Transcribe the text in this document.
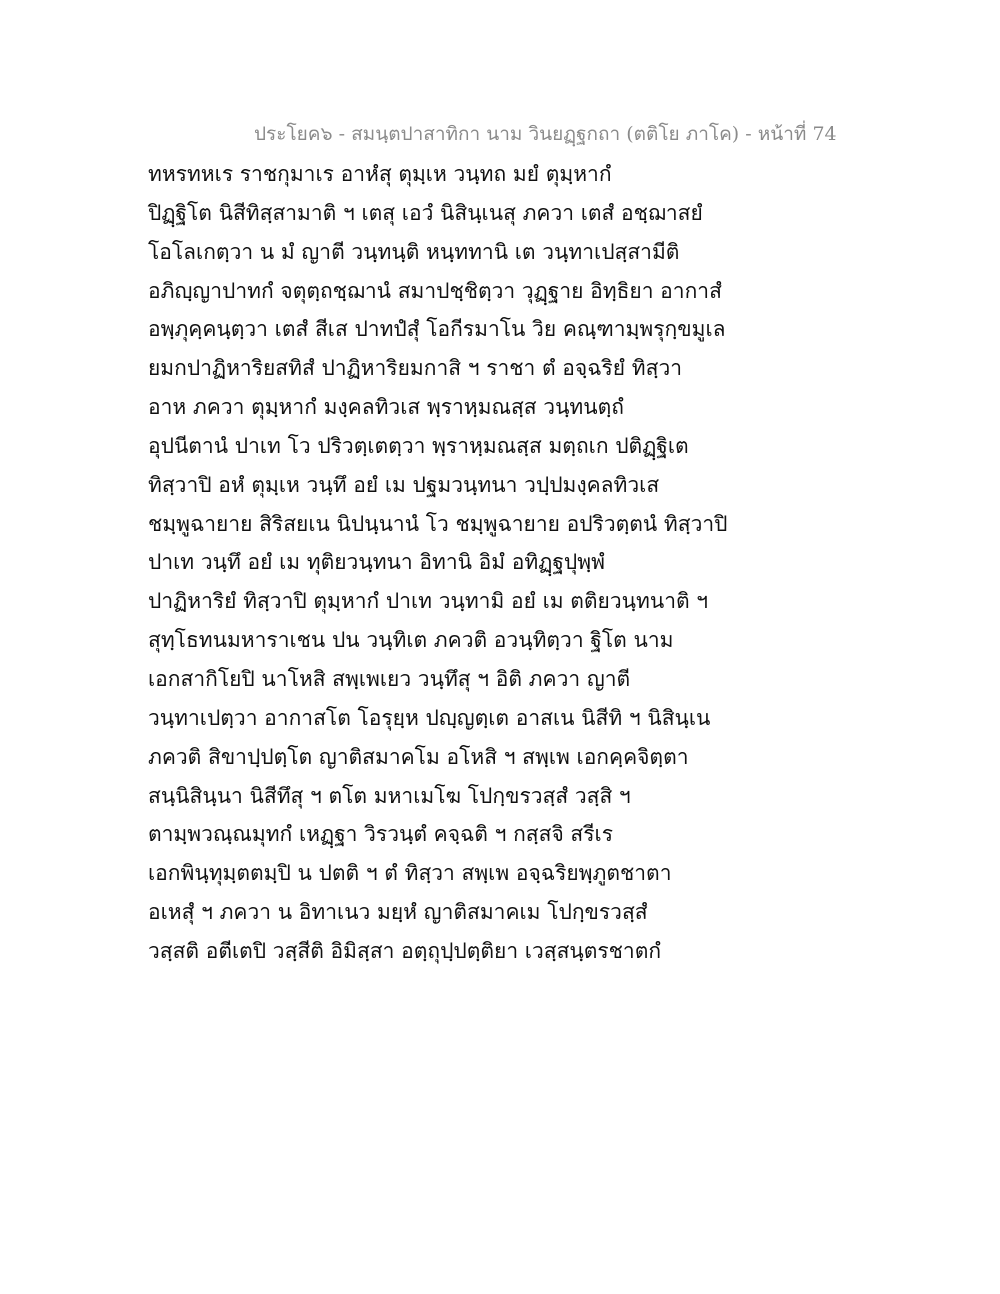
ประโยค๖ - สมนฺตปาสาทิกา นาม วินยฏฺฐกถา (ตติโย ภาโค) - หน้าที่ 74
ทหรทหเร ราชกุมาเร อาหํสุ ตุมฺเห วนฺทถ มยํ ตุมฺหากํ
ปิฏฺฐิโต นิสีทิสฺสามาติ ฯ เตสุ เอวํ นิสินฺเนสุ ภควา เตสํ อชฺฌาสยํ
โอโลเกตฺวา น มํ ญาตี วนฺทนฺติ หนฺททานิ เต วนฺทาเปสฺสามีติ
อภิญฺญาปาทกํ จตุตฺถชฺฌานํ สมาปชฺชิตฺวา วุฏฺฐาย อิทฺธิยา อากาสํ
อพฺภุคฺคนฺตฺวา เตสํ สีเส ปาทปํสุํ โอกีรมาโน วิย คณฺฑามฺพรุกฺขมูเล
ยมกปาฏิหาริยสทิสํ ปาฏิหาริยมกาสิ ฯ ราชา ตํ อจฺฉริยํ ทิสฺวา
อาห ภควา ตุมฺหากํ มงฺคลทิวเส พฺราหฺมณสฺส วนฺทนตฺถํ
อุปนีตานํ ปาเท โว ปริวตฺเตตฺวา พฺราหฺมณสฺส มตฺถเก ปติฏฺฐิเต
ทิสฺวาปิ อหํ ตุมฺเห วนฺทึ อยํ เม ปฐมวนฺทนา วปฺปมงฺคลทิวเส
ชมฺพูฉายาย สิริสยเน นิปนฺนานํ โว ชมฺพูฉายาย อปริวตฺตนํ ทิสฺวาปิ
ปาเท วนฺทึ อยํ เม ทุติยวนฺทนา อิทานิ อิมํ อทิฏฺฐปุพฺพํ
ปาฏิหาริยํ ทิสฺวาปิ ตุมฺหากํ ปาเท วนฺทามิ อยํ เม ตติยวนฺทนาติ ฯ
สุทฺโธทนมหาราเชน ปน วนฺทิเต ภควติ อวนฺทิตฺวา ฐิโต นาม
เอกสากิโยปิ นาโหสิ สพฺเพเยว วนฺทึสุ ฯ อิติ ภควา ญาตี
วนฺทาเปตฺวา อากาสโต โอรุยฺห ปญฺญตฺเต อาสเน นิสีทิ ฯ นิสินฺเน
ภควติ สิขาปฺปตฺโต ญาติสมาคโม อโหสิ ฯ สพฺเพ เอกคฺคจิตฺตา
สนฺนิสินฺนา นิสีทึสุ ฯ ตโต มหาเมโฆ โปกฺขรวสฺสํ วสฺสิ ฯ
ตามฺพวณฺณมุทกํ เหฏฺฐา วิรวนฺตํ คจฺฉติ ฯ กสฺสจิ สรีเร
เอกพินฺทุมฺตตมฺปิ น ปตติ ฯ ตํ ทิสฺวา สพฺเพ อจฺฉริยพฺภูตชาตา
อเหสุํ ฯ ภควา น อิทาเนว มยฺหํ ญาติสมาคเม โปกฺขรวสฺสํ
วสฺสติ อตีเตปิ วสฺสีติ อิมิสฺสา อตฺถุปฺปตฺติยา เวสฺสนฺตรชาตกํ
